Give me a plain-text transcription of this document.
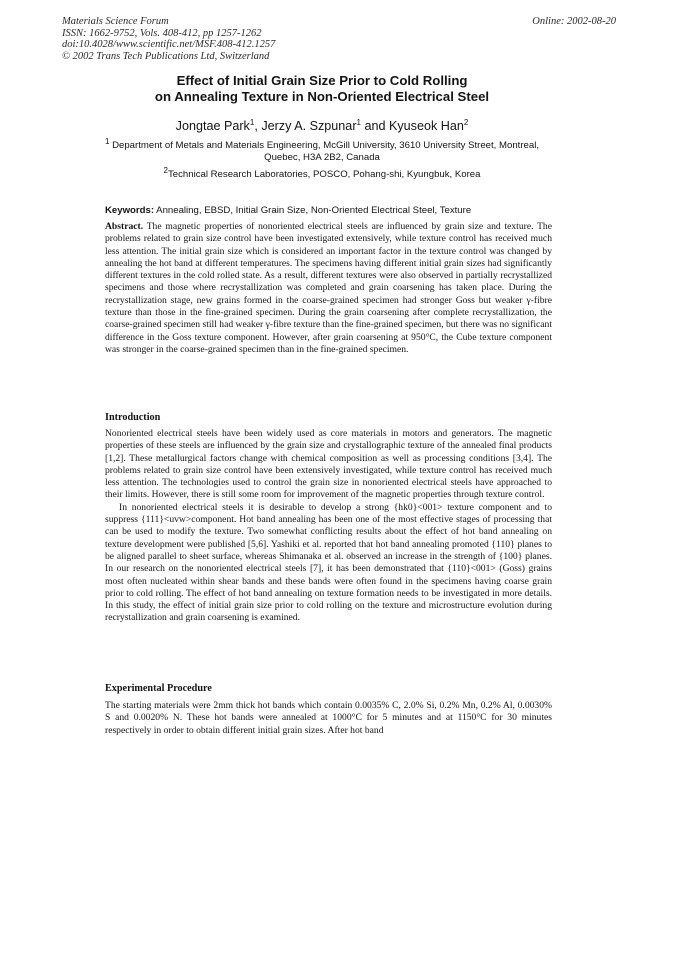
Materials Science Forum
ISSN: 1662-9752, Vols. 408-412, pp 1257-1262
doi:10.4028/www.scientific.net/MSF.408-412.1257
© 2002 Trans Tech Publications Ltd, Switzerland
Online: 2002-08-20
Effect of Initial Grain Size Prior to Cold Rolling
on Annealing Texture in Non-Oriented Electrical Steel
Jongtae Park$^1$, Jerzy A. Szpunar$^1$ and Kyuseok Han$^2$
$^1$ Department of Metals and Materials Engineering, McGill University, 3610 University Street, Montreal, Quebec, H3A 2B2, Canada
$^2$Technical Research Laboratories, POSCO, Pohang-shi, Kyungbuk, Korea
Keywords: Annealing, EBSD, Initial Grain Size, Non-Oriented Electrical Steel, Texture
Abstract. The magnetic properties of nonoriented electrical steels are influenced by grain size and texture. The problems related to grain size control have been investigated extensively, while texture control has received much less attention. The initial grain size which is considered an important factor in the texture control was changed by annealing the hot band at different temperatures. The specimens having different initial grain sizes had significantly different textures in the cold rolled state. As a result, different textures were also observed in partially recrystallized specimens and those where recrystallization was completed and grain coarsening has taken place. During the recrystallization stage, new grains formed in the coarse-grained specimen had stronger Goss but weaker γ-fibre texture than those in the fine-grained specimen. During the grain coarsening after complete recrystallization, the coarse-grained specimen still had weaker γ-fibre texture than the fine-grained specimen, but there was no significant difference in the Goss texture component. However, after grain coarsening at 950°C, the Cube texture component was stronger in the coarse-grained specimen than in the fine-grained specimen.
Introduction

Nonoriented electrical steels have been widely used as core materials in motors and generators. The magnetic properties of these steels are influenced by the grain size and crystallographic texture of the annealed final products [1,2]. These metallurgical factors change with chemical composition as well as processing conditions [3,4]. The problems related to grain size control have been extensively investigated, while texture control has received much less attention. The technologies used to control the grain size in nonoriented electrical steels have approached to their limits. However, there is still some room for improvement of the magnetic properties through texture control.

In nonoriented electrical steels it is desirable to develop a strong {hk0}<001> texture component and to suppress {111}<uvw>component. Hot band annealing has been one of the most effective stages of processing that can be used to modify the texture. Two somewhat conflicting results about the effect of hot band annealing on texture development were published [5,6]. Yashiki et al. reported that hot band annealing promoted {110} planes to be aligned parallel to sheet surface, whereas Shimanaka et al. observed an increase in the strength of {100} planes. In our research on the nonoriented electrical steels [7], it has been demonstrated that {110}<001> (Goss) grains most often nucleated within shear bands and these bands were often found in the specimens having coarse grain prior to cold rolling. The effect of hot band annealing on texture formation needs to be investigated in more details. In this study, the effect of initial grain size prior to cold rolling on the texture and microstructure evolution during recrystallization and grain coarsening is examined.

Experimental Procedure

The starting materials were 2mm thick hot bands which contain 0.0035% C, 2.0% Si, 0.2% Mn, 0.2% Al, 0.0030% S and 0.0020% N. These hot bands were annealed at 1000°C for 5 minutes and at 1150°C for 30 minutes respectively in order to obtain different initial grain sizes. After hot band
